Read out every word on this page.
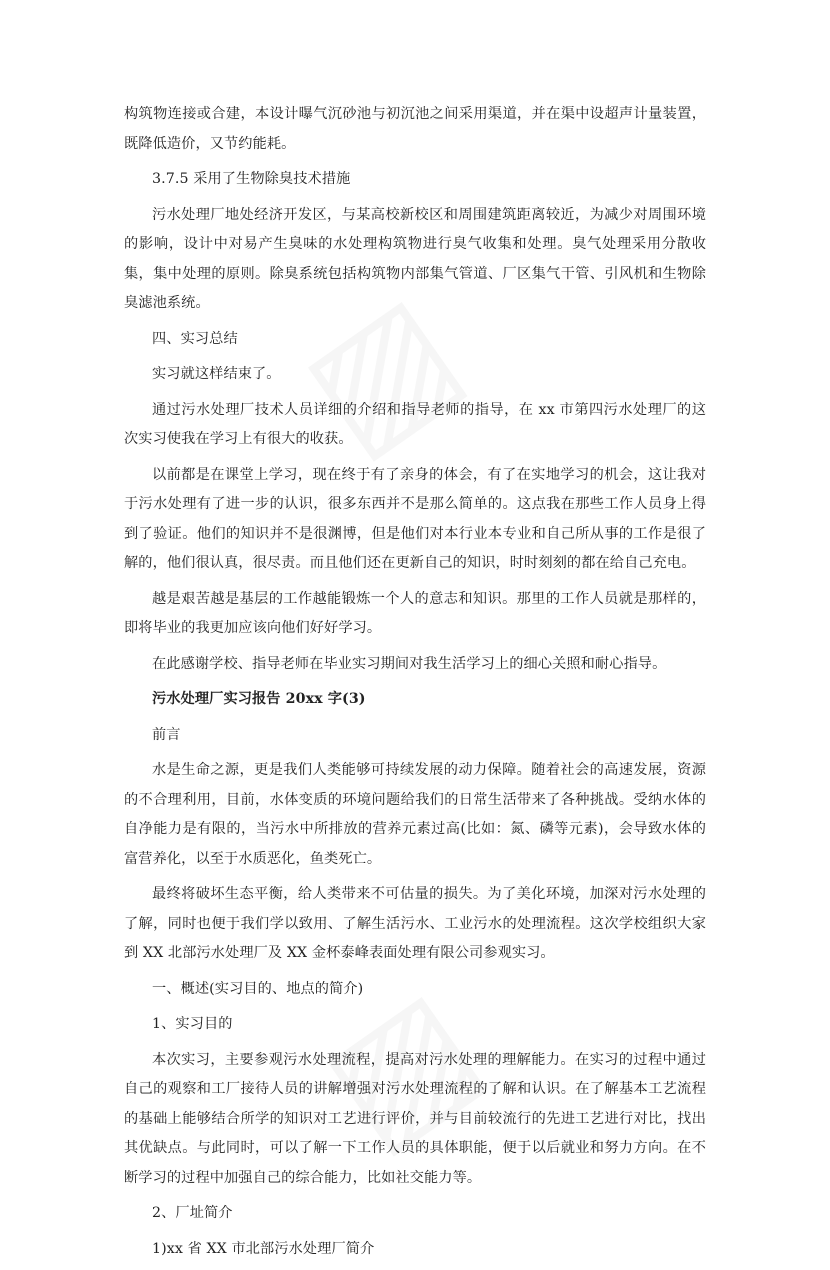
构筑物连接或合建，本设计曝气沉砂池与初沉池之间采用渠道，并在渠中设超声计量装置，既降低造价，又节约能耗。

3.7.5 采用了生物除臭技术措施

污水处理厂地处经济开发区，与某高校新校区和周围建筑距离较近，为减少对周围环境的影响，设计中对易产生臭味的水处理构筑物进行臭气收集和处理。臭气处理采用分散收集，集中处理的原则。除臭系统包括构筑物内部集气管道、厂区集气干管、引风机和生物除臭滤池系统。

四、实习总结

实习就这样结束了。

通过污水处理厂技术人员详细的介绍和指导老师的指导，在 xx 市第四污水处理厂的这次实习使我在学习上有很大的收获。

以前都是在课堂上学习，现在终于有了亲身的体会，有了在实地学习的机会，这让我对于污水处理有了进一步的认识，很多东西并不是那么简单的。这点我在那些工作人员身上得到了验证。他们的知识并不是很渊博，但是他们对本行业本专业和自己所从事的工作是很了解的，他们很认真，很尽责。而且他们还在更新自己的知识，时时刻刻的都在给自己充电。

越是艰苦越是基层的工作越能锻炼一个人的意志和知识。那里的工作人员就是那样的，即将毕业的我更加应该向他们好好学习。

在此感谢学校、指导老师在毕业实习期间对我生活学习上的细心关照和耐心指导。

污水处理厂实习报告 20xx 字(3)

前言

水是生命之源，更是我们人类能够可持续发展的动力保障。随着社会的高速发展，资源的不合理利用，目前，水体变质的环境问题给我们的日常生活带来了各种挑战。受纳水体的自净能力是有限的，当污水中所排放的营养元素过高(比如：氮、磷等元素)，会导致水体的富营养化，以至于水质恶化，鱼类死亡。

最终将破坏生态平衡，给人类带来不可估量的损失。为了美化环境，加深对污水处理的了解，同时也便于我们学以致用、了解生活污水、工业污水的处理流程。这次学校组织大家到 XX 北部污水处理厂及 XX 金杯泰峰表面处理有限公司参观实习。

一、概述(实习目的、地点的简介)

1、实习目的

本次实习，主要参观污水处理流程，提高对污水处理的理解能力。在实习的过程中通过自己的观察和工厂接待人员的讲解增强对污水处理流程的了解和认识。在了解基本工艺流程的基础上能够结合所学的知识对工艺进行评价，并与目前较流行的先进工艺进行对比，找出其优缺点。与此同时，可以了解一下工作人员的具体职能，便于以后就业和努力方向。在不断学习的过程中加强自己的综合能力，比如社交能力等。

2、厂址简介

1)xx 省 XX 市北部污水处理厂简介
